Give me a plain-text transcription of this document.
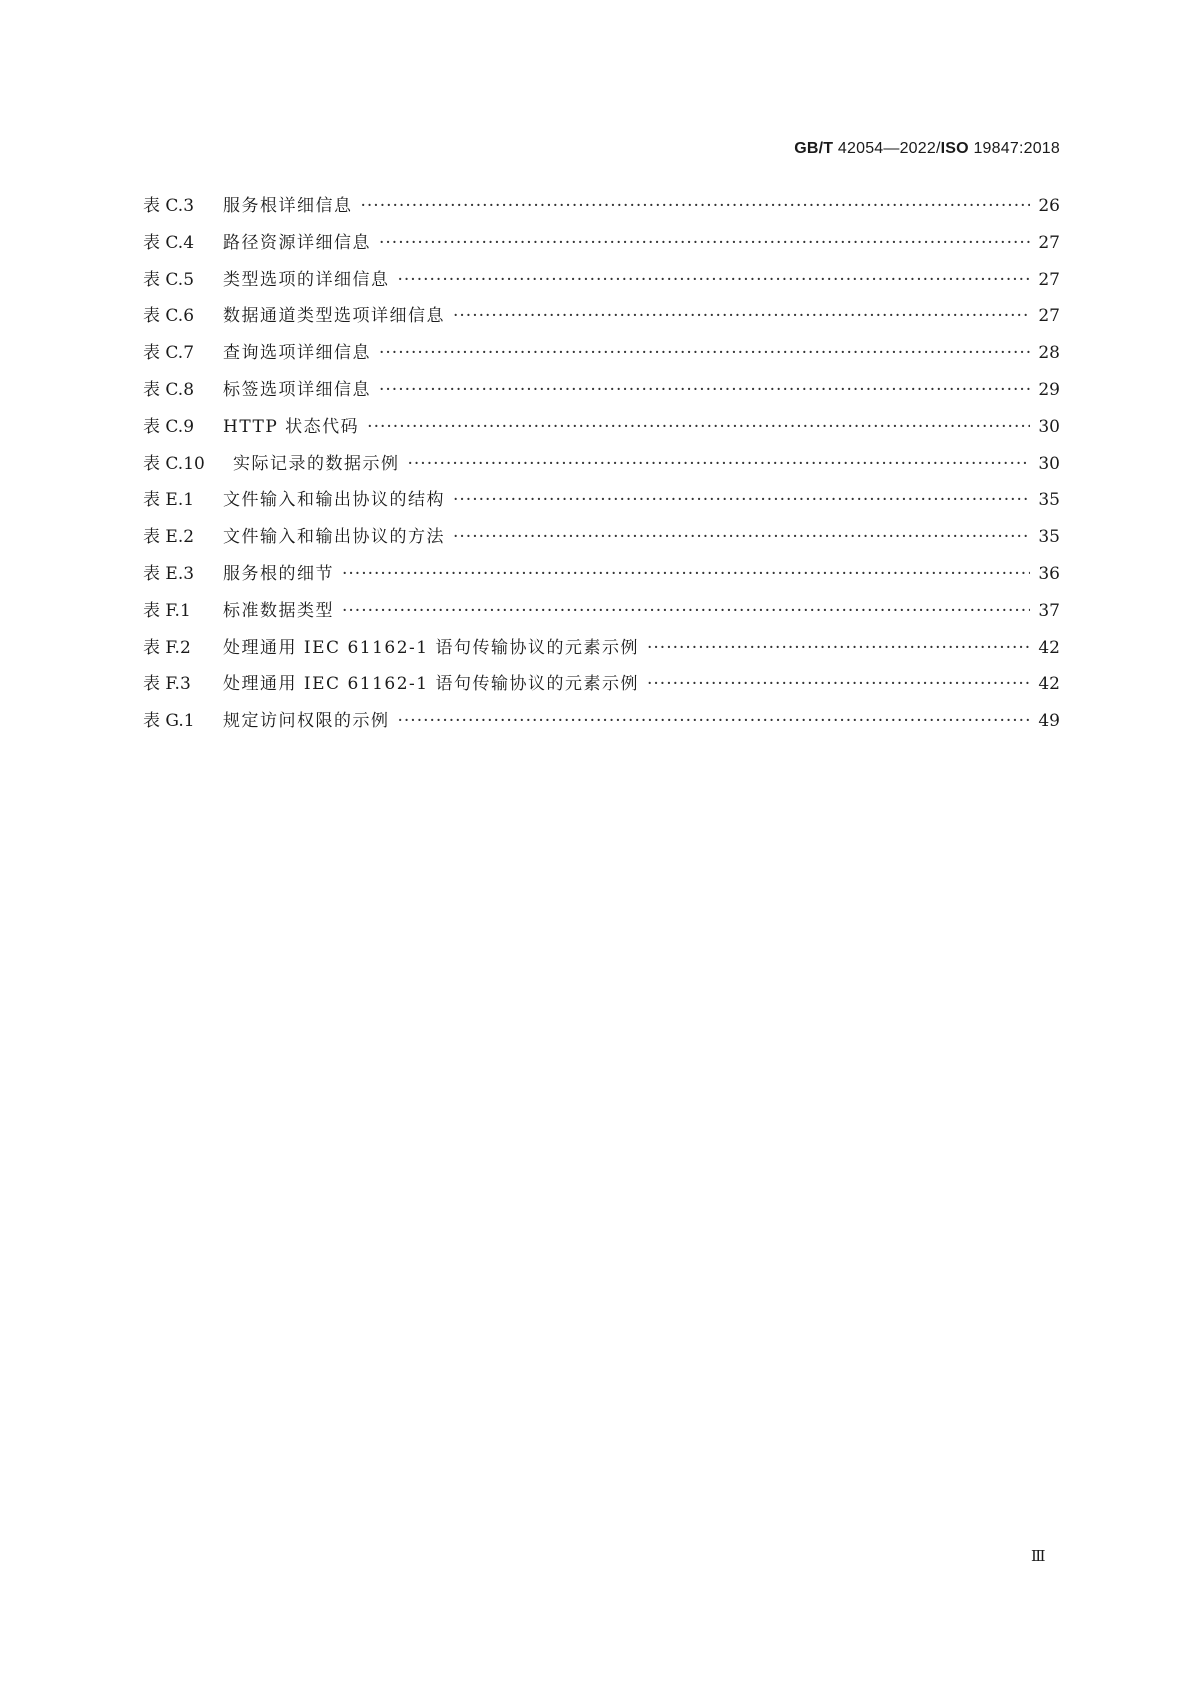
GB/T 42054—2022/ISO 19847:2018
表 C.3	服务根详细信息 ·····	26
表 C.4	路径资源详细信息 ·····	27
表 C.5	类型选项的详细信息 ·····	27
表 C.6	数据通道类型选项详细信息 ·····	27
表 C.7	查询选项详细信息 ·····	28
表 C.8	标签选项详细信息 ·····	29
表 C.9	HTTP 状态代码 ·····	30
表 C.10	实际记录的数据示例 ·····	30
表 E.1	文件输入和输出协议的结构 ·····	35
表 E.2	文件输入和输出协议的方法 ·····	35
表 E.3	服务根的细节 ·····	36
表 F.1	标准数据类型 ·····	37
表 F.2	处理通用 IEC 61162-1 语句传输协议的元素示例 ·····	42
表 F.3	处理通用 IEC 61162-1 语句传输协议的元素示例 ·····	42
表 G.1	规定访问权限的示例 ·····	49
Ⅲ
